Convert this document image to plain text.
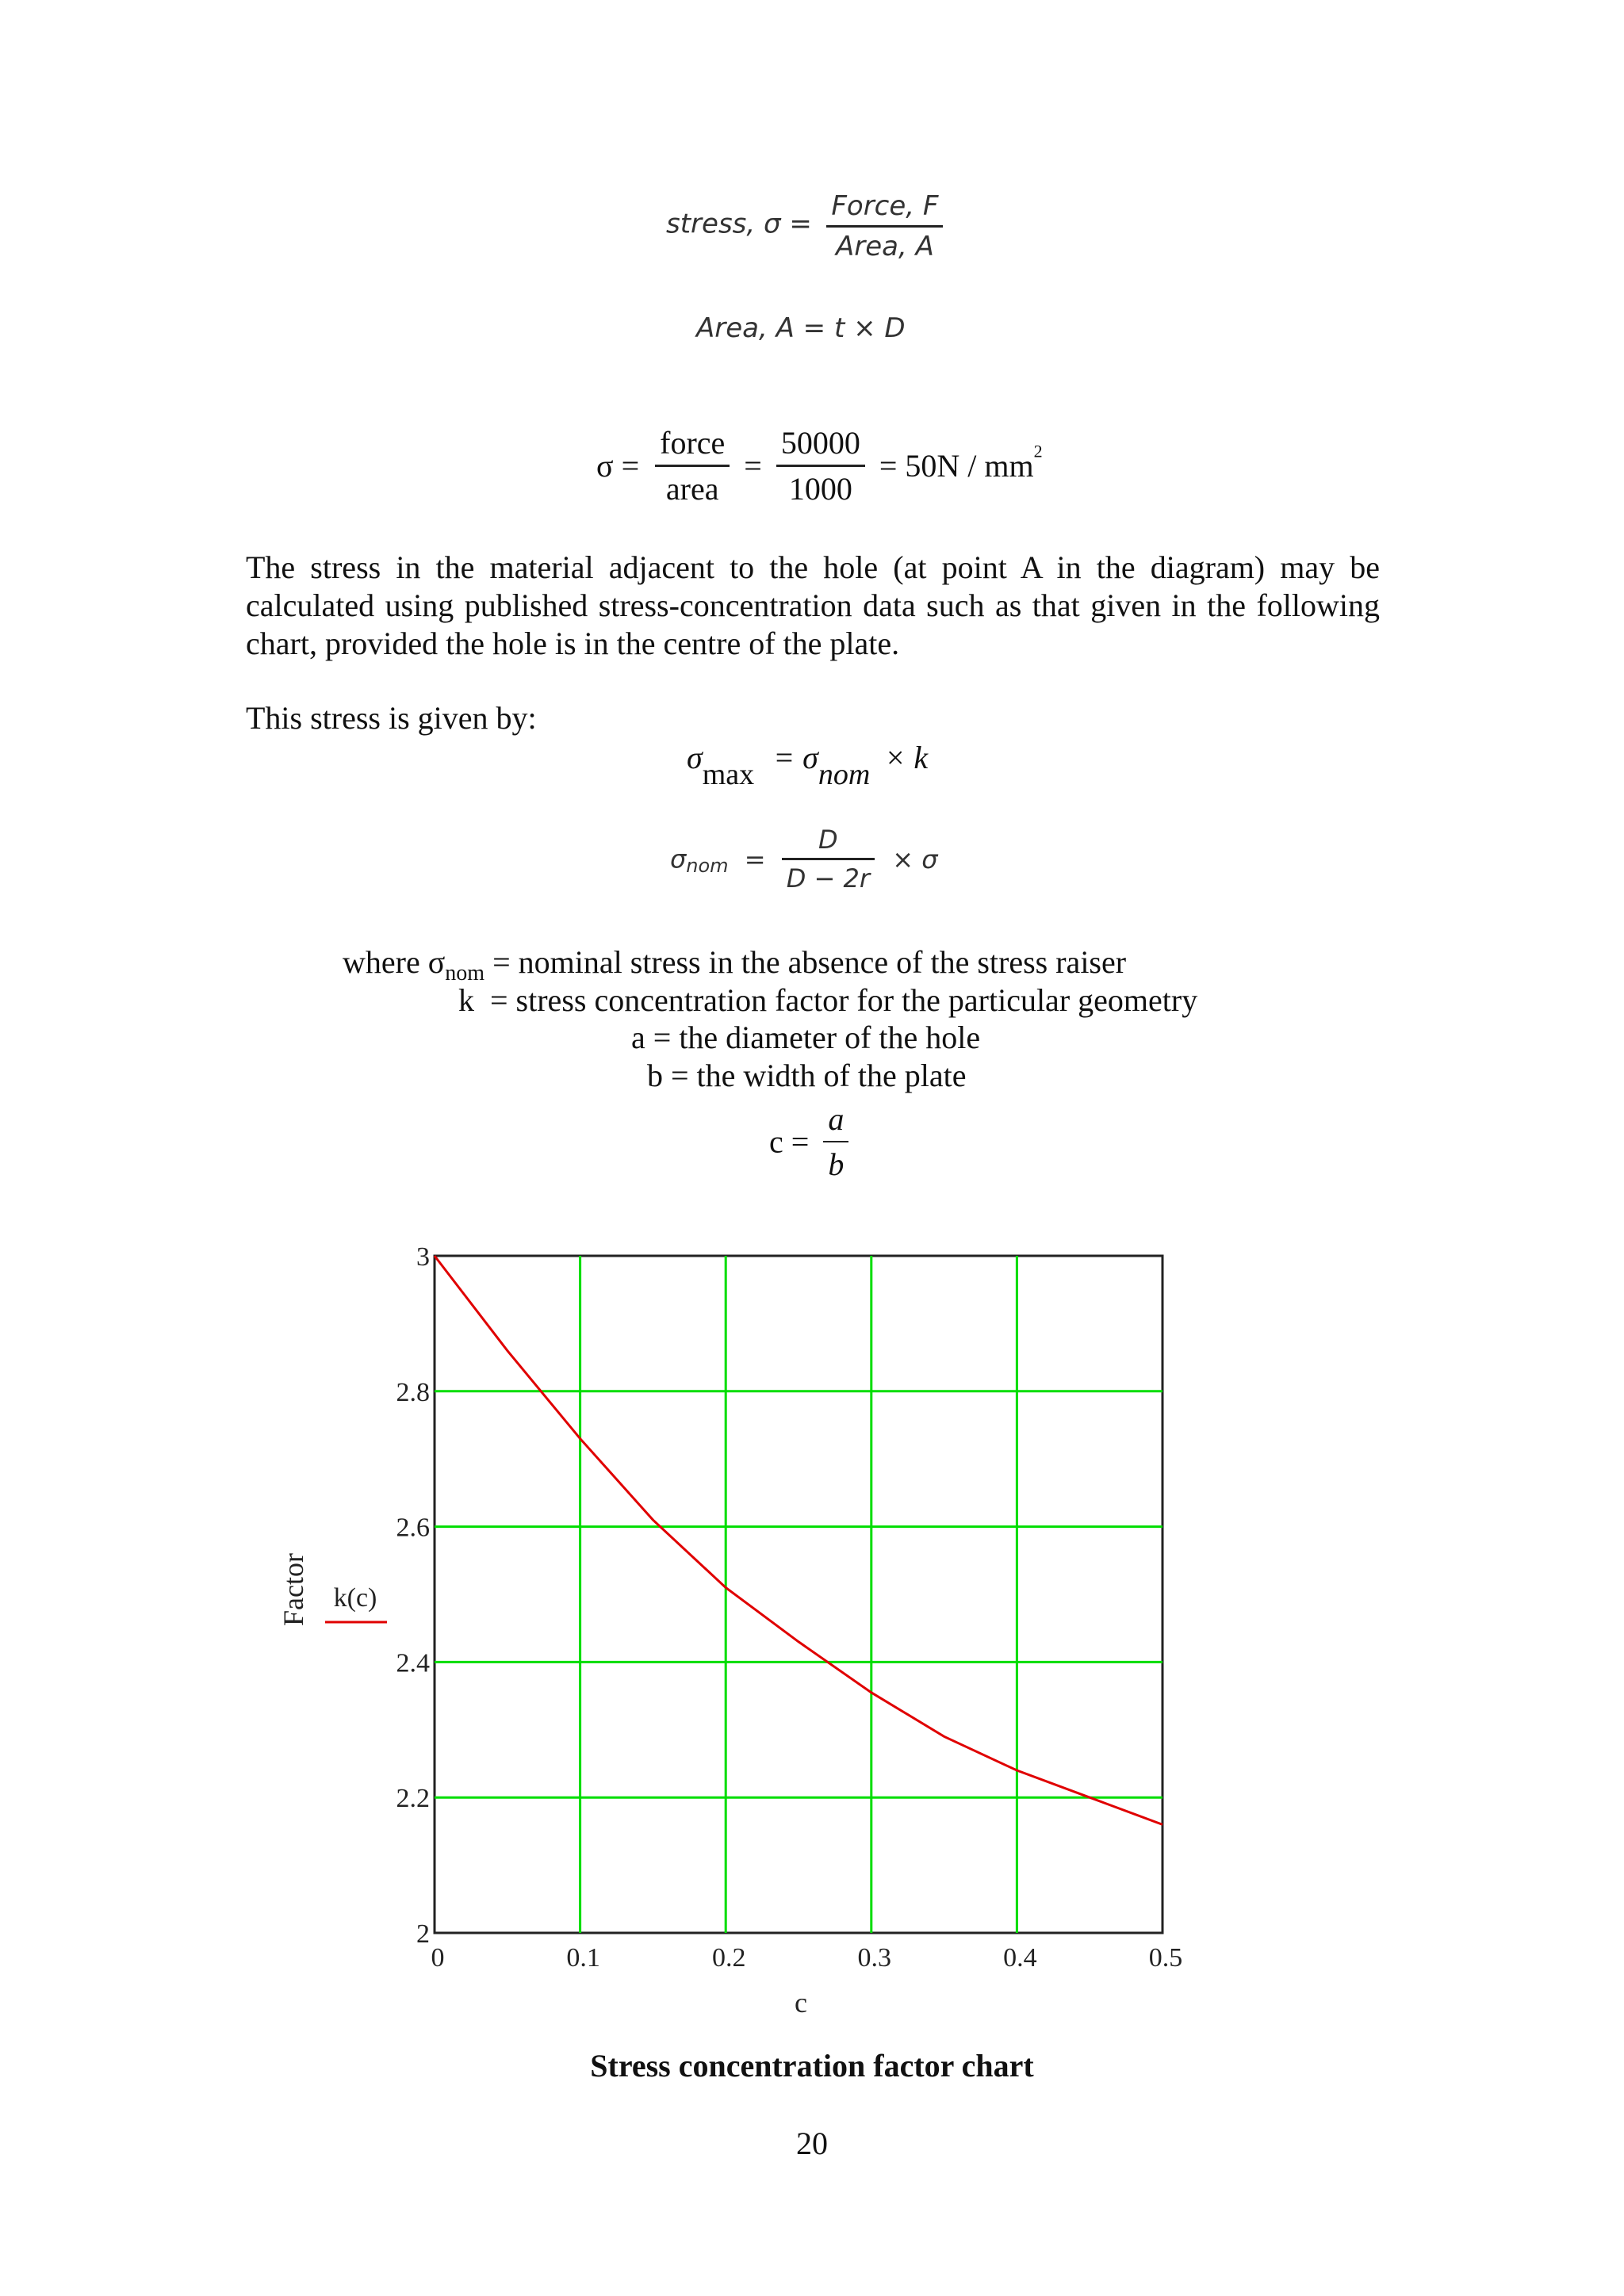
stress, $\sigma = \frac{\text{Force, F}}{\text{Area, A}}$
Area, A = t × D
$\sigma = \frac{\text{force}}{\text{area}} = \frac{50000}{1000} = 50N / mm^2$
The stress in the material adjacent to the hole (at point A in the diagram) may be calculated using published stress-concentration data such as that given in the following chart, provided the hole is in the centre of the plate.
This stress is given by:
$\sigma_{max} = \sigma_{nom} \times k$
$\sigma_{nom} = \frac{D}{D - 2r} \times \sigma$
where $\sigma_{nom}$ = nominal stress in the absence of the stress raiser
k  = stress concentration factor for the particular geometry
a = the diameter of the hole
b = the width of the plate
$c = \frac{a}{b}$
0	0.1	0.2	0.3	0.4	0.5
2
2.2
2.4
2.6
2.8
3
c
Factor k(c)
Stress concentration factor chart
20
